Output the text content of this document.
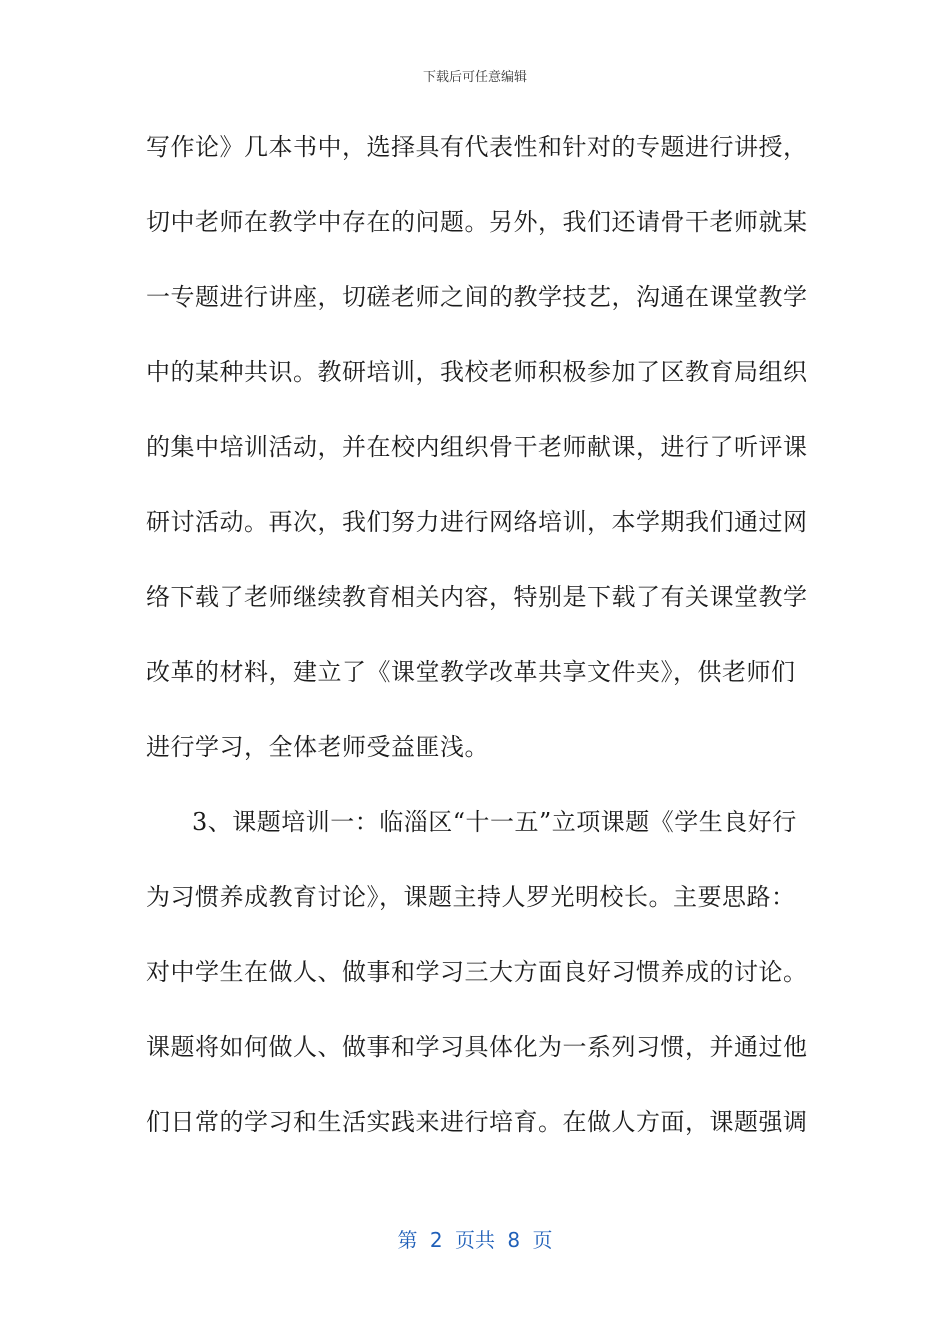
下载后可任意编辑
写作论》几本书中，选择具有代表性和针对的专题进行讲授，
切中老师在教学中存在的问题。另外，我们还请骨干老师就某
一专题进行讲座，切磋老师之间的教学技艺，沟通在课堂教学
中的某种共识。教研培训，我校老师积极参加了区教育局组织
的集中培训活动，并在校内组织骨干老师献课，进行了听评课
研讨活动。再次，我们努力进行网络培训，本学期我们通过网
络下载了老师继续教育相关内容，特别是下载了有关课堂教学
改革的材料，建立了《课堂教学改革共享文件夹》，供老师们
进行学习，全体老师受益匪浅。
3、课题培训一：临淄区“十一五”立项课题《学生良好行
为习惯养成教育讨论》，课题主持人罗光明校长。主要思路：
对中学生在做人、做事和学习三大方面良好习惯养成的讨论。
课题将如何做人、做事和学习具体化为一系列习惯，并通过他
们日常的学习和生活实践来进行培育。在做人方面，课题强调
第 2 页共 8 页
